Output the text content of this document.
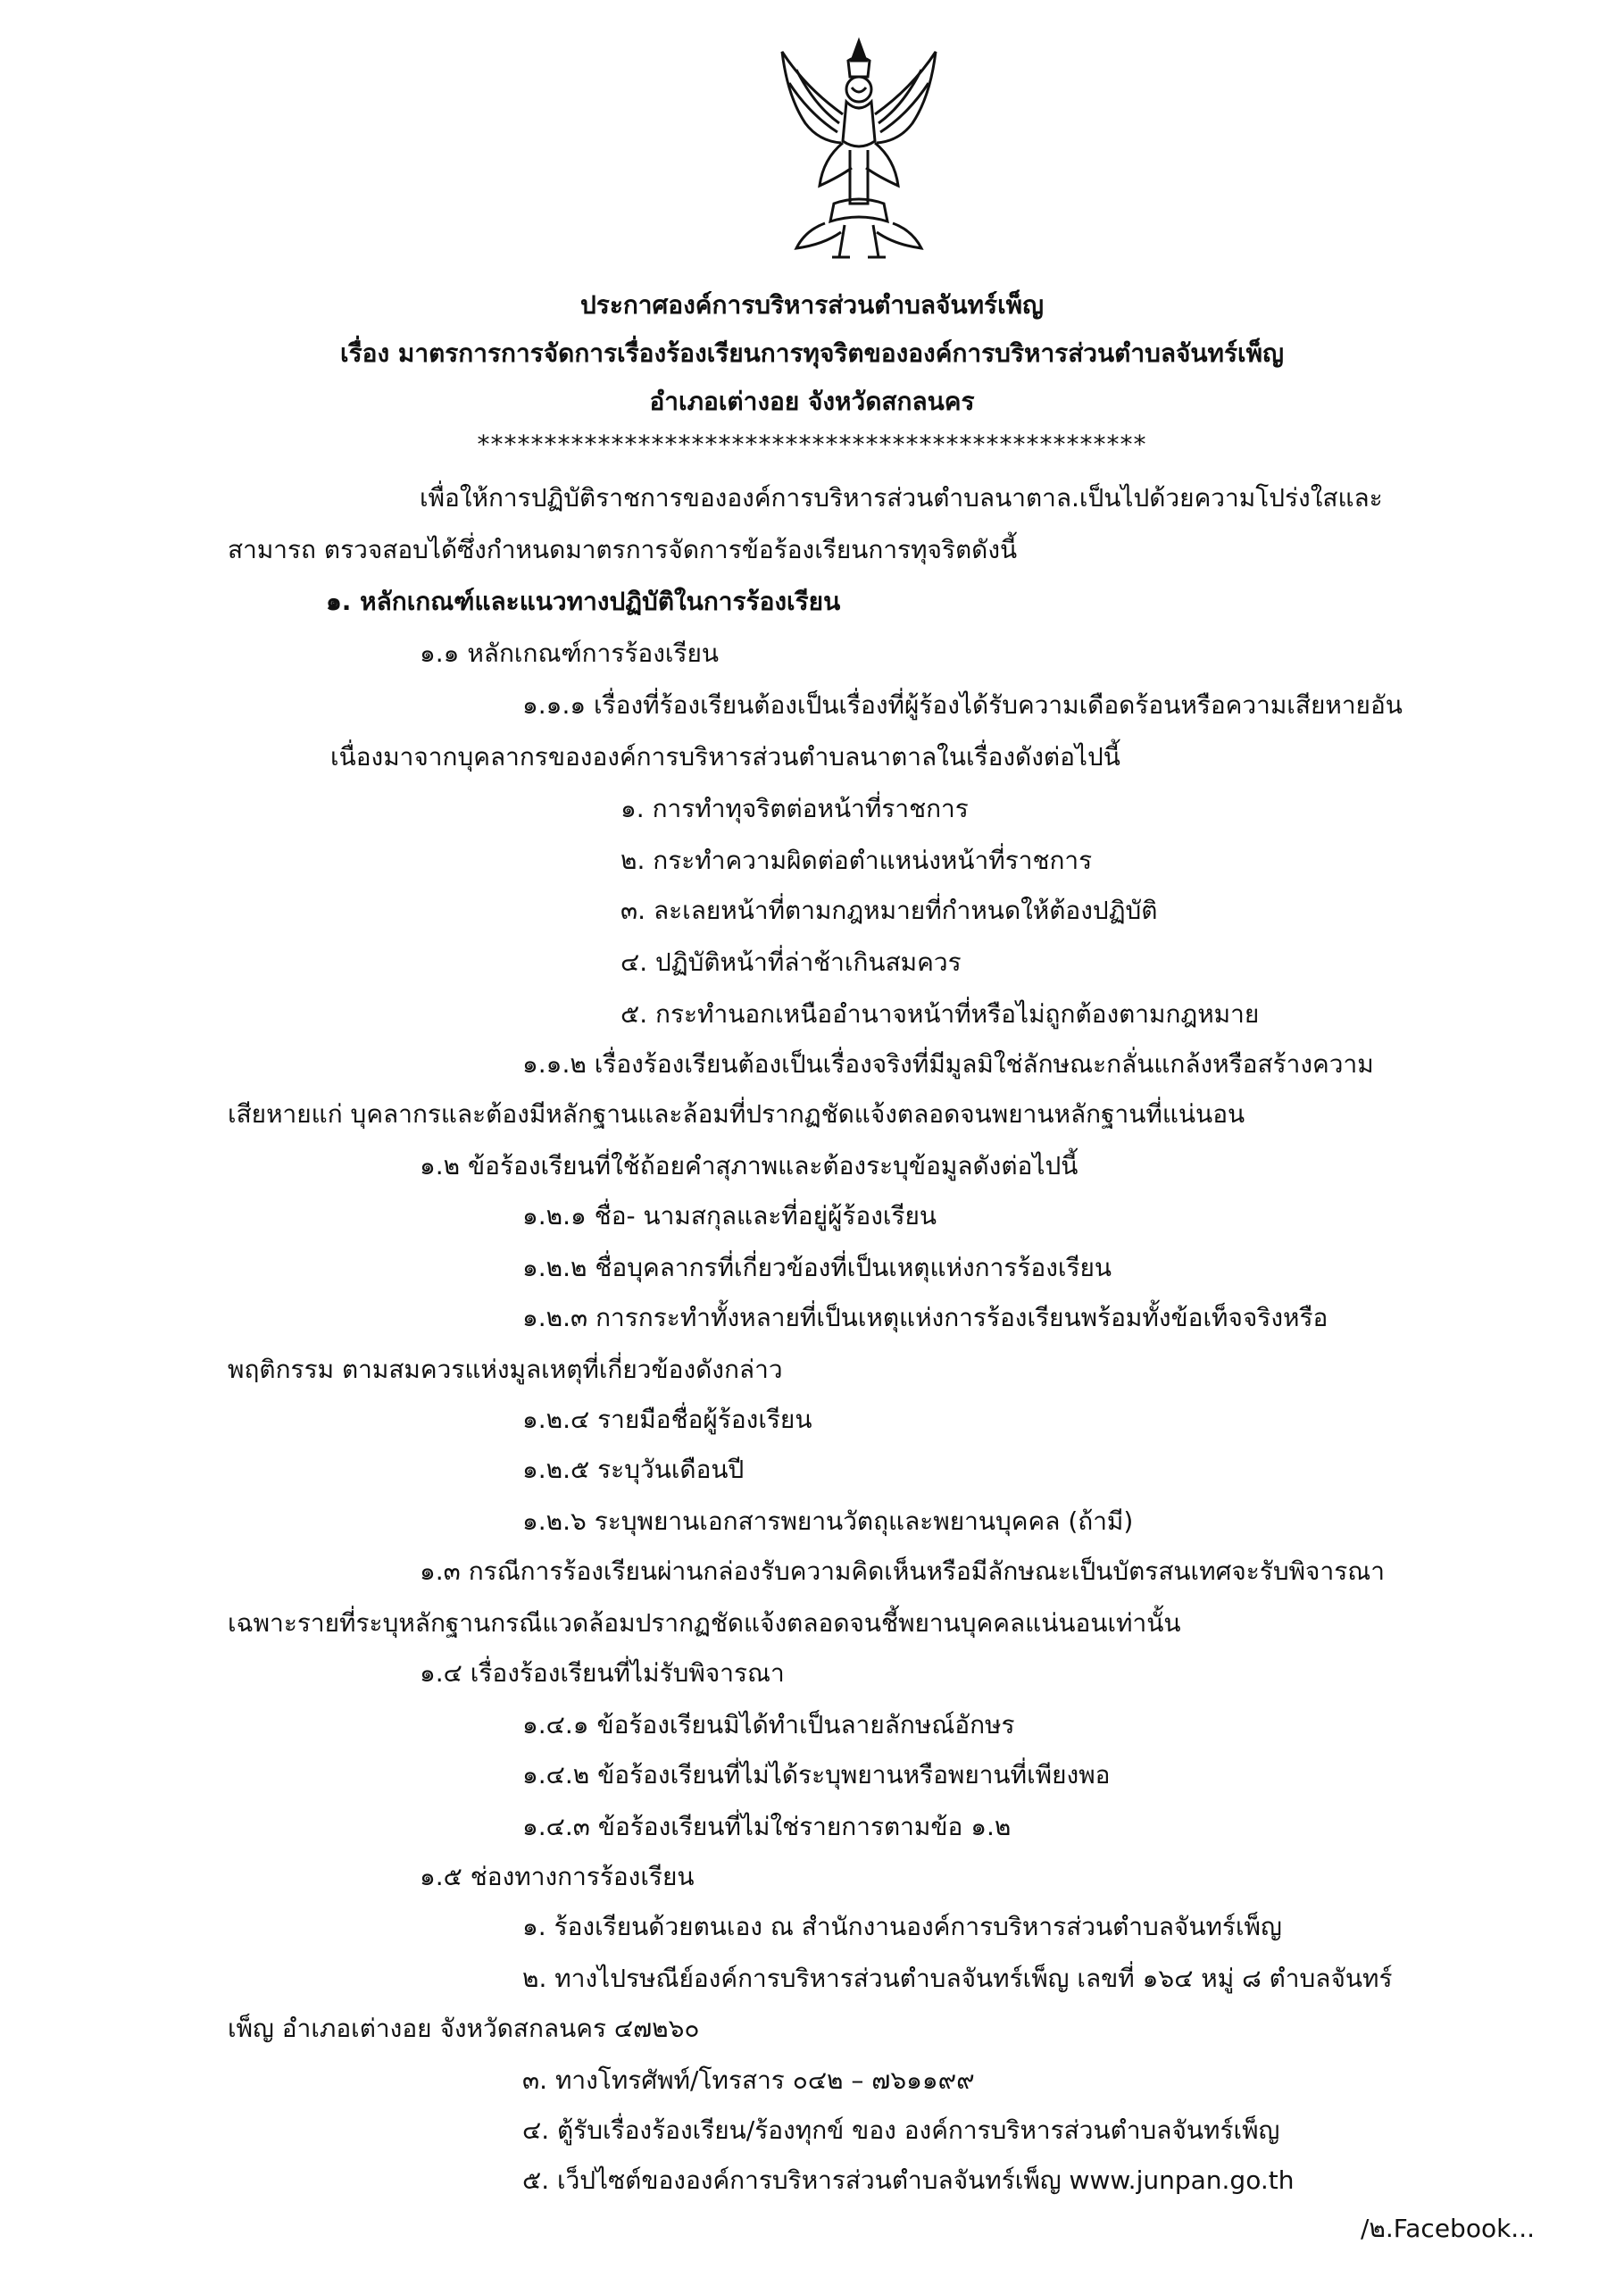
ประกาศองค์การบริหารส่วนตำบลจันทร์เพ็ญ
เรื่อง มาตรการการจัดการเรื่องร้องเรียนการทุจริตขององค์การบริหารส่วนตำบลจันทร์เพ็ญ
อำเภอเต่างอย จังหวัดสกลนคร
**************************************************
เพื่อให้การปฏิบัติราชการขององค์การบริหารส่วนตำบลนาตาล.เป็นไปด้วยความโปร่งใสและ
สามารถ ตรวจสอบได้ซึ่งกำหนดมาตรการจัดการข้อร้องเรียนการทุจริตดังนี้
๑. หลักเกณฑ์และแนวทางปฏิบัติในการร้องเรียน
๑.๑ หลักเกณฑ์การร้องเรียน
๑.๑.๑ เรื่องที่ร้องเรียนต้องเป็นเรื่องที่ผู้ร้องได้รับความเดือดร้อนหรือความเสียหายอัน
เนื่องมาจากบุคลากรขององค์การบริหารส่วนตำบลนาตาลในเรื่องดังต่อไปนี้
๑. การทำทุจริตต่อหน้าที่ราชการ
๒. กระทำความผิดต่อตำแหน่งหน้าที่ราชการ
๓. ละเลยหน้าที่ตามกฎหมายที่กำหนดให้ต้องปฏิบัติ
๔. ปฏิบัติหน้าที่ล่าช้าเกินสมควร
๕. กระทำนอกเหนืออำนาจหน้าที่หรือไม่ถูกต้องตามกฎหมาย
๑.๑.๒ เรื่องร้องเรียนต้องเป็นเรื่องจริงที่มีมูลมิใช่ลักษณะกลั่นแกล้งหรือสร้างความ
เสียหายแก่ บุคลากรและต้องมีหลักฐานและล้อมที่ปรากฏชัดแจ้งตลอดจนพยานหลักฐานที่แน่นอน
๑.๒ ข้อร้องเรียนที่ใช้ถ้อยคำสุภาพและต้องระบุข้อมูลดังต่อไปนี้
๑.๒.๑ ชื่อ- นามสกุลและที่อยู่ผู้ร้องเรียน
๑.๒.๒ ชื่อบุคลากรที่เกี่ยวข้องที่เป็นเหตุแห่งการร้องเรียน
๑.๒.๓ การกระทำทั้งหลายที่เป็นเหตุแห่งการร้องเรียนพร้อมทั้งข้อเท็จจริงหรือ
พฤติกรรม ตามสมควรแห่งมูลเหตุที่เกี่ยวข้องดังกล่าว
๑.๒.๔ รายมือชื่อผู้ร้องเรียน
๑.๒.๕ ระบุวันเดือนปี
๑.๒.๖ ระบุพยานเอกสารพยานวัตถุและพยานบุคคล (ถ้ามี)
๑.๓ กรณีการร้องเรียนผ่านกล่องรับความคิดเห็นหรือมีลักษณะเป็นบัตรสนเทศจะรับพิจารณา
เฉพาะรายที่ระบุหลักฐานกรณีแวดล้อมปรากฏชัดแจ้งตลอดจนชี้พยานบุคคลแน่นอนเท่านั้น
๑.๔ เรื่องร้องเรียนที่ไม่รับพิจารณา
๑.๔.๑ ข้อร้องเรียนมิได้ทำเป็นลายลักษณ์อักษร
๑.๔.๒ ข้อร้องเรียนที่ไม่ได้ระบุพยานหรือพยานที่เพียงพอ
๑.๔.๓ ข้อร้องเรียนที่ไม่ใช่รายการตามข้อ ๑.๒
๑.๕ ช่องทางการร้องเรียน
๑. ร้องเรียนด้วยตนเอง ณ สำนักงานองค์การบริหารส่วนตำบลจันทร์เพ็ญ
๒. ทางไปรษณีย์องค์การบริหารส่วนตำบลจันทร์เพ็ญ เลขที่ ๑๖๔ หมู่ ๘ ตำบลจันทร์
เพ็ญ อำเภอเต่างอย จังหวัดสกลนคร ๔๗๒๖๐
๓. ทางโทรศัพท์/โทรสาร ๐๔๒ – ๗๖๑๑๙๙
๔. ตู้รับเรื่องร้องเรียน/ร้องทุกข์ ของ องค์การบริหารส่วนตำบลจันทร์เพ็ญ
๕. เว็ปไซต์ขององค์การบริหารส่วนตำบลจันทร์เพ็ญ www.junpan.go.th
/๒.Facebook...
